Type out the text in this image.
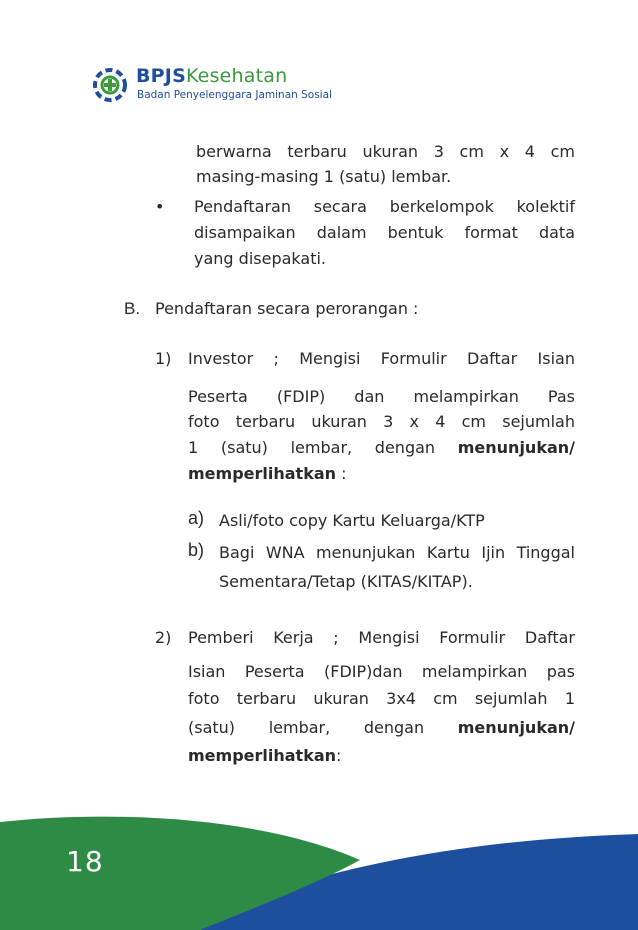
BPJSKesehatan
Badan Penyelenggara Jaminan Sosial
berwarna terbaru ukuran 3 cm x 4 cm
masing-masing 1 (satu) lembar.
• Pendaftaran secara berkelompok kolektif
disampaikan dalam bentuk format data
yang disepakati.
B. Pendaftaran secara perorangan :
1) Investor ; Mengisi Formulir Daftar Isian
Peserta (FDIP) dan melampirkan Pas
foto terbaru ukuran 3 x 4 cm sejumlah
1 (satu) lembar, dengan menunjukan/
memperlihatkan :
a) Asli/foto copy Kartu Keluarga/KTP
b) Bagi WNA menunjukan Kartu Ijin Tinggal
Sementara/Tetap (KITAS/KITAP).
2) Pemberi Kerja ; Mengisi Formulir Daftar
Isian Peserta (FDIP)dan melampirkan pas
foto terbaru ukuran 3x4 cm sejumlah 1
(satu) lembar, dengan menunjukan/
memperlihatkan:
18
